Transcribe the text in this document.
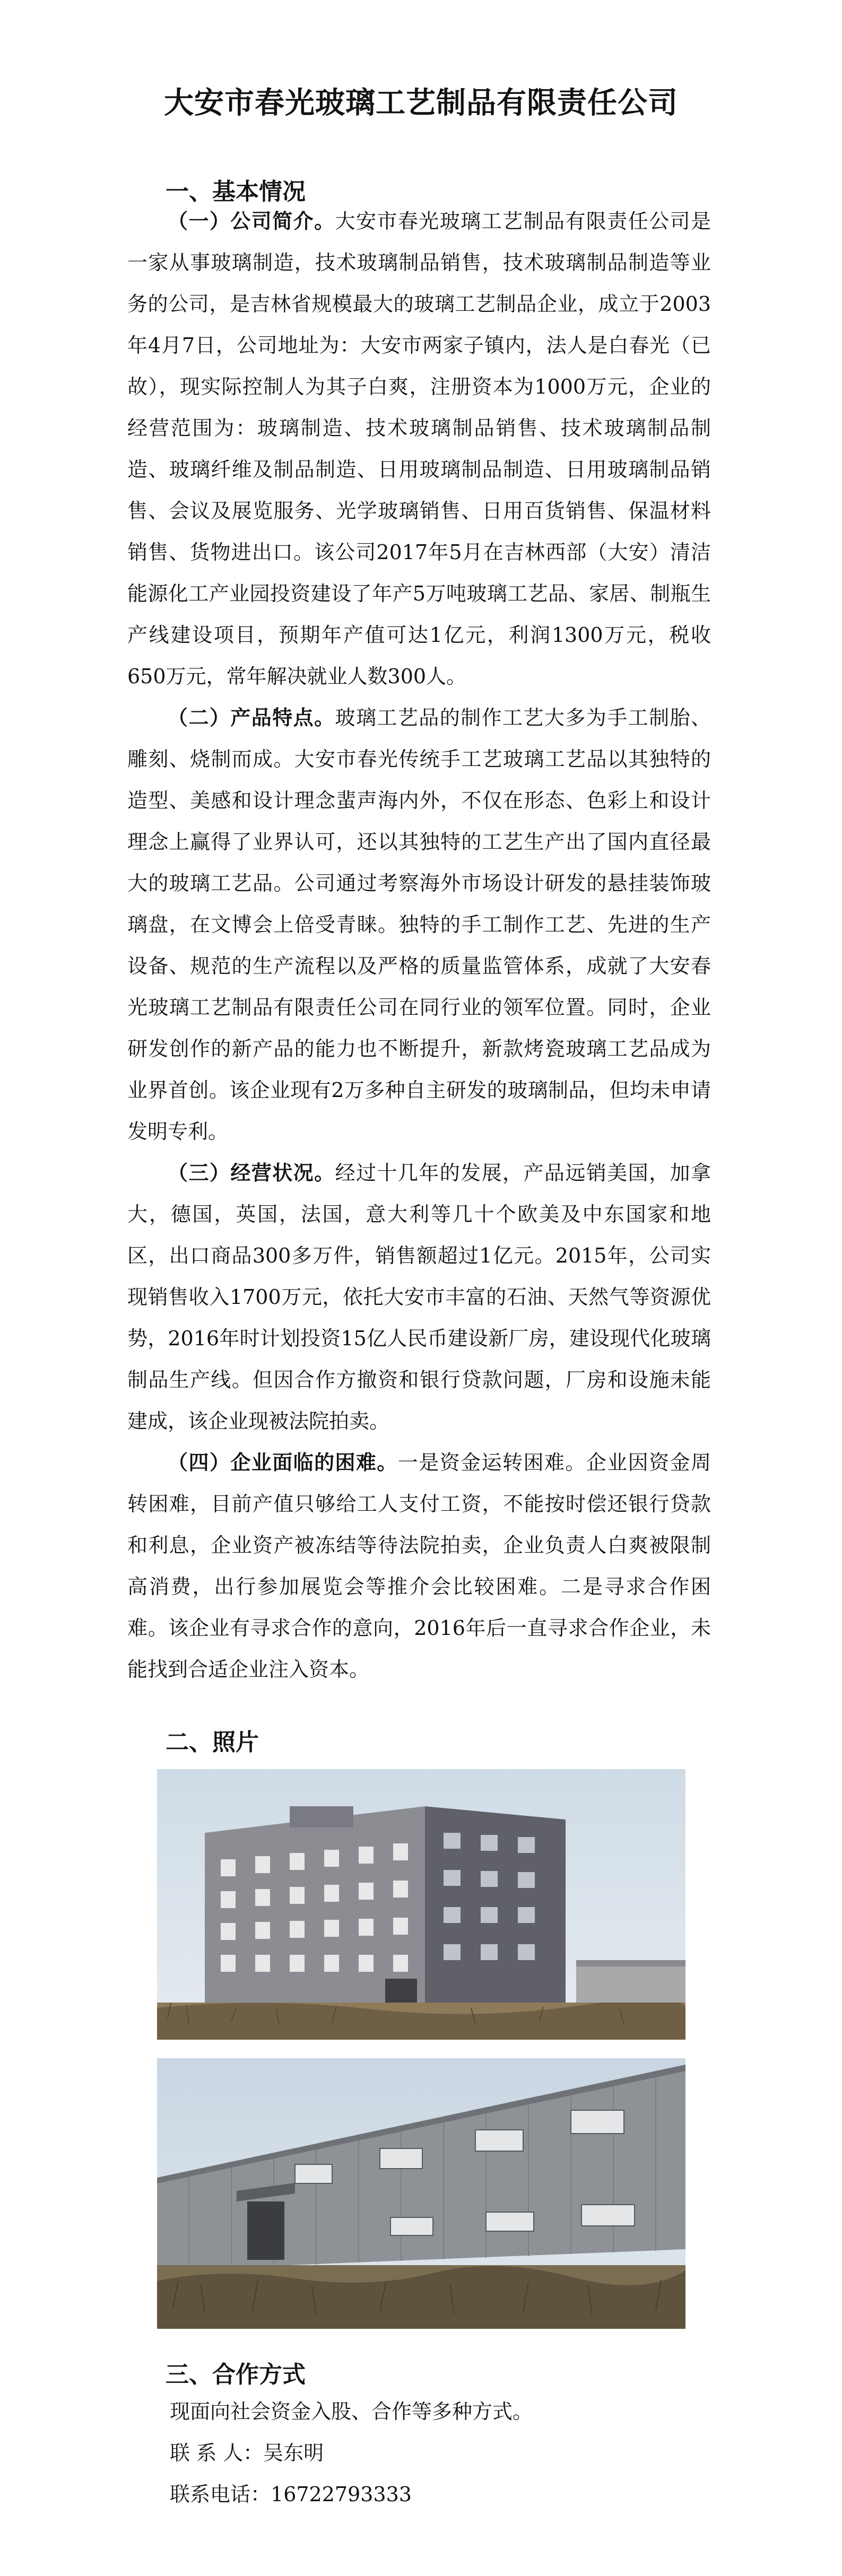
大安市春光玻璃工艺制品有限责任公司
一、基本情况

（一）公司简介。大安市春光玻璃工艺制品有限责任公司是一家从事玻璃制造，技术玻璃制品销售，技术玻璃制品制造等业务的公司，是吉林省规模最大的玻璃工艺制品企业，成立于2003年4月7日，公司地址为：大安市两家子镇内，法人是白春光（已故），现实际控制人为其子白爽，注册资本为1000万元，企业的经营范围为：玻璃制造、技术玻璃制品销售、技术玻璃制品制造、玻璃纤维及制品制造、日用玻璃制品制造、日用玻璃制品销售、会议及展览服务、光学玻璃销售、日用百货销售、保温材料销售、货物进出口。该公司2017年5月在吉林西部（大安）清洁能源化工产业园投资建设了年产5万吨玻璃工艺品、家居、制瓶生产线建设项目，预期年产值可达1亿元，利润1300万元，税收650万元，常年解决就业人数300人。

（二）产品特点。玻璃工艺品的制作工艺大多为手工制胎、雕刻、烧制而成。大安市春光传统手工艺玻璃工艺品以其独特的造型、美感和设计理念蜚声海内外，不仅在形态、色彩上和设计理念上赢得了业界认可，还以其独特的工艺生产出了国内直径最大的玻璃工艺品。公司通过考察海外市场设计研发的悬挂装饰玻璃盘，在文博会上倍受青睐。独特的手工制作工艺、先进的生产设备、规范的生产流程以及严格的质量监管体系，成就了大安春光玻璃工艺制品有限责任公司在同行业的领军位置。同时，企业研发创作的新产品的能力也不断提升，新款烤瓷玻璃工艺品成为业界首创。该企业现有2万多种自主研发的玻璃制品，但均未申请发明专利。

（三）经营状况。经过十几年的发展，产品远销美国，加拿大，德国，英国，法国，意大利等几十个欧美及中东国家和地区，出口商品300多万件，销售额超过1亿元。2015年，公司实现销售收入1700万元，依托大安市丰富的石油、天然气等资源优势，2016年时计划投资15亿人民币建设新厂房，建设现代化玻璃制品生产线。但因合作方撤资和银行贷款问题，厂房和设施未能建成，该企业现被法院拍卖。

（四）企业面临的困难。一是资金运转困难。企业因资金周转困难，目前产值只够给工人支付工资，不能按时偿还银行贷款和利息，企业资产被冻结等待法院拍卖，企业负责人白爽被限制高消费，出行参加展览会等推介会比较困难。二是寻求合作困难。该企业有寻求合作的意向，2016年后一直寻求合作企业，未能找到合适企业注入资本。

二、照片
三、合作方式
现面向社会资金入股、合作等多种方式。
联 系 人：吴东明
联系电话：16722793333
